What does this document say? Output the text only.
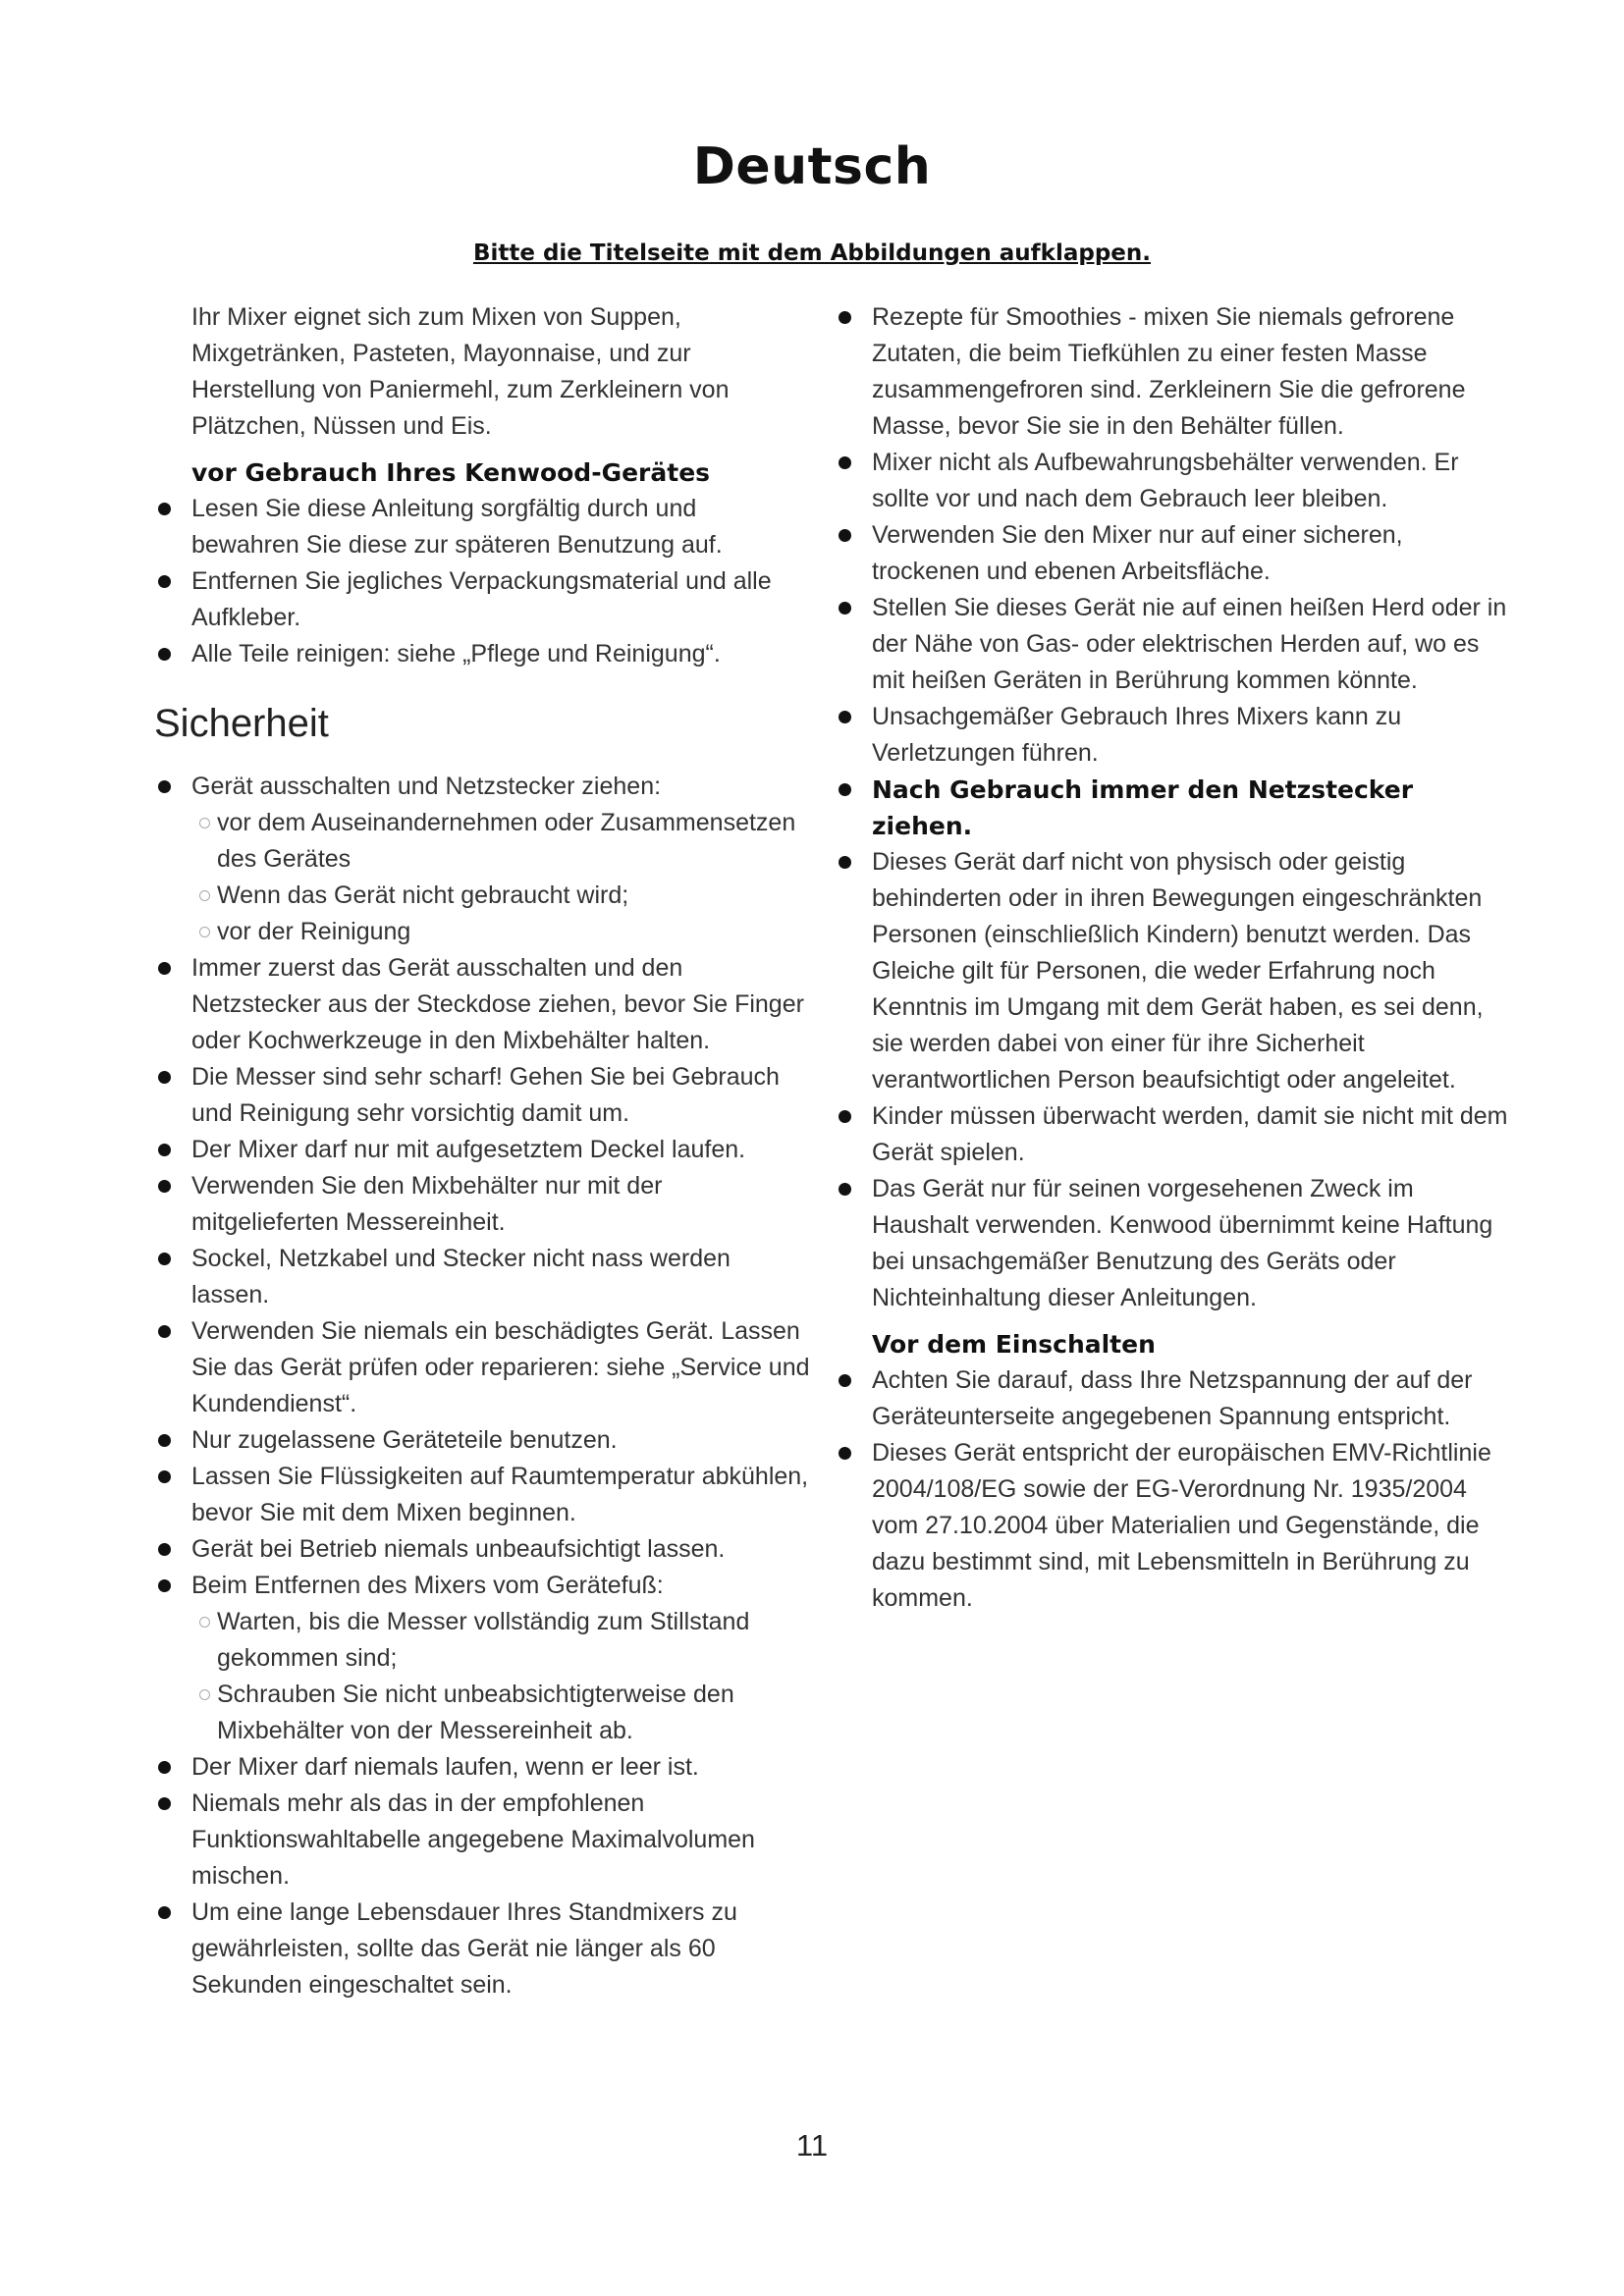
Deutsch

Bitte die Titelseite mit dem Abbildungen aufklappen.

Ihr Mixer eignet sich zum Mixen von Suppen, Mixgetränken, Pasteten, Mayonnaise, und zur Herstellung von Paniermehl, zum Zerkleinern von Plätzchen, Nüssen und Eis.

vor Gebrauch Ihres Kenwood-Gerätes

Lesen Sie diese Anleitung sorgfältig durch und bewahren Sie diese zur späteren Benutzung auf.
Entfernen Sie jegliches Verpackungsmaterial und alle Aufkleber.
Alle Teile reinigen: siehe „Pflege und Reinigung“.
Sicherheit
Gerät ausschalten und Netzstecker ziehen:
vor dem Auseinandernehmen oder Zusammensetzen des Gerätes
Wenn das Gerät nicht gebraucht wird;
vor der Reinigung
Immer zuerst das Gerät ausschalten und den Netzstecker aus der Steckdose ziehen, bevor Sie Finger oder Kochwerkzeuge in den Mixbehälter halten.
Die Messer sind sehr scharf! Gehen Sie bei Gebrauch und Reinigung sehr vorsichtig damit um.
Der Mixer darf nur mit aufgesetztem Deckel laufen.
Verwenden Sie den Mixbehälter nur mit der mitgelieferten Messereinheit.
Sockel, Netzkabel und Stecker nicht nass werden lassen.
Verwenden Sie niemals ein beschädigtes Gerät. Lassen Sie das Gerät prüfen oder reparieren: siehe „Service und Kundendienst“.
Nur zugelassene Geräteteile benutzen.
Lassen Sie Flüssigkeiten auf Raumtemperatur abkühlen, bevor Sie mit dem Mixen beginnen.
Gerät bei Betrieb niemals unbeaufsichtigt lassen.
Beim Entfernen des Mixers vom Gerätefuß:
Warten, bis die Messer vollständig zum Stillstand gekommen sind;
Schrauben Sie nicht unbeabsichtigterweise den Mixbehälter von der Messereinheit ab.
Der Mixer darf niemals laufen, wenn er leer ist.
Niemals mehr als das in der empfohlenen Funktionswahltabelle angegebene Maximalvolumen mischen.
Um eine lange Lebensdauer Ihres Standmixers zu gewährleisten, sollte das Gerät nie länger als 60 Sekunden eingeschaltet sein.
Rezepte für Smoothies - mixen Sie niemals gefrorene Zutaten, die beim Tiefkühlen zu einer festen Masse zusammengefroren sind. Zerkleinern Sie die gefrorene Masse, bevor Sie sie in den Behälter füllen.
Mixer nicht als Aufbewahrungsbehälter verwenden. Er sollte vor und nach dem Gebrauch leer bleiben.
Verwenden Sie den Mixer nur auf einer sicheren, trockenen und ebenen Arbeitsfläche.
Stellen Sie dieses Gerät nie auf einen heißen Herd oder in der Nähe von Gas- oder elektrischen Herden auf, wo es mit heißen Geräten in Berührung kommen könnte.
Unsachgemäßer Gebrauch Ihres Mixers kann zu Verletzungen führen.
Nach Gebrauch immer den Netzstecker ziehen.
Dieses Gerät darf nicht von physisch oder geistig behinderten oder in ihren Bewegungen eingeschränkten Personen (einschließlich Kindern) benutzt werden. Das Gleiche gilt für Personen, die weder Erfahrung noch Kenntnis im Umgang mit dem Gerät haben, es sei denn, sie werden dabei von einer für ihre Sicherheit verantwortlichen Person beaufsichtigt oder angeleitet.
Kinder müssen überwacht werden, damit sie nicht mit dem Gerät spielen.
Das Gerät nur für seinen vorgesehenen Zweck im Haushalt verwenden. Kenwood übernimmt keine Haftung bei unsachgemäßer Benutzung des Geräts oder Nichteinhaltung dieser Anleitungen.

Vor dem Einschalten

Achten Sie darauf, dass Ihre Netzspannung der auf der Geräteunterseite angegebenen Spannung entspricht.
Dieses Gerät entspricht der europäischen EMV-Richtlinie 2004/108/EG sowie der EG-Verordnung Nr. 1935/2004 vom 27.10.2004 über Materialien und Gegenstände, die dazu bestimmt sind, mit Lebensmitteln in Berührung zu kommen.
11
